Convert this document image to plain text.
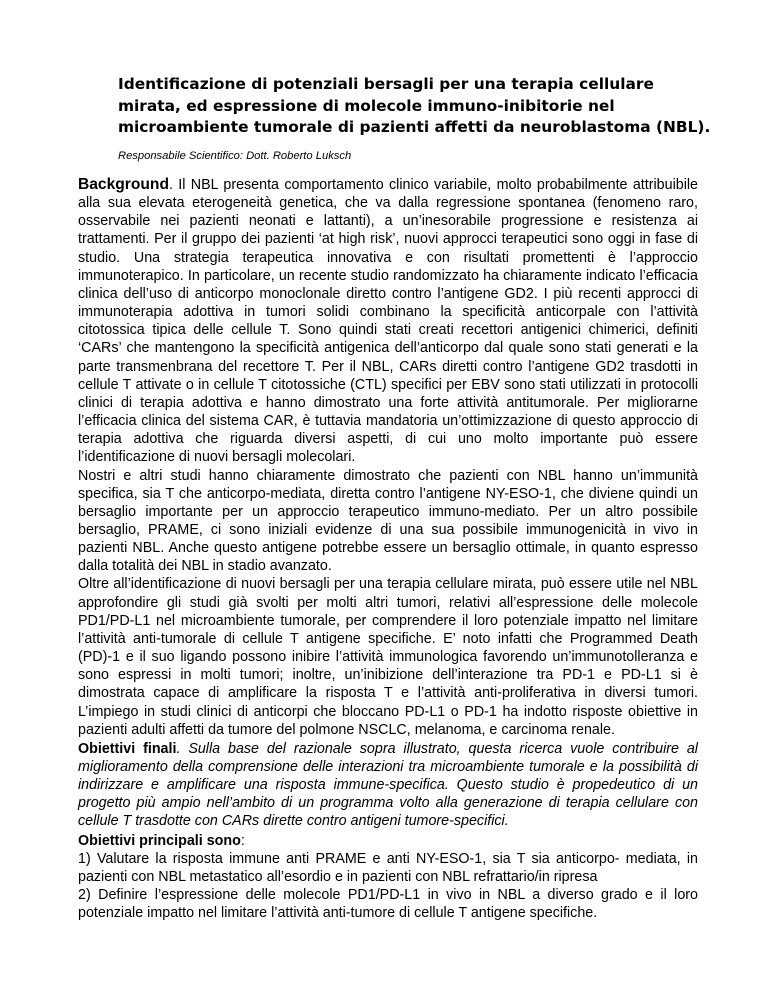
Identificazione di potenziali bersagli per una terapia cellulare mirata, ed espressione di molecole immuno-inibitorie nel microambiente tumorale di pazienti affetti da neuroblastoma (NBL).

Responsabile Scientifico: Dott. Roberto Luksch

Background. Il NBL presenta comportamento clinico variabile, molto probabilmente attribuibile alla sua elevata eterogeneità genetica, che va dalla regressione spontanea (fenomeno raro, osservabile nei pazienti neonati e lattanti), a un’inesorabile progressione e resistenza ai trattamenti. Per il gruppo dei pazienti ‘at high risk’, nuovi approcci terapeutici sono oggi in fase di studio. Una strategia terapeutica innovativa e con risultati promettenti è l’approccio immunoterapico. In particolare, un recente studio randomizzato ha chiaramente indicato l’efficacia clinica dell’uso di anticorpo monoclonale diretto contro l’antigene GD2. I più recenti approcci di immunoterapia adottiva in tumori solidi combinano la specificità anticorpale con l’attività citotossica tipica delle cellule T. Sono quindi stati creati recettori antigenici chimerici, definiti ‘CARs’ che mantengono la specificità antigenica dell’anticorpo dal quale sono stati generati e la parte transmenbrana del recettore T. Per il NBL, CARs diretti contro l’antigene GD2 trasdotti in cellule T attivate o in cellule T citotossiche (CTL) specifici per EBV sono stati utilizzati in protocolli clinici di terapia adottiva e hanno dimostrato una forte attività antitumorale. Per migliorarne l’efficacia clinica del sistema CAR, è tuttavia mandatoria un’ottimizzazione di questo approccio di terapia adottiva che riguarda diversi aspetti, di cui uno molto importante può essere l’identificazione di nuovi bersagli molecolari.

Nostri e altri studi hanno chiaramente dimostrato che pazienti con NBL hanno un’immunità specifica, sia T che anticorpo-mediata, diretta contro l’antigene NY-ESO-1, che diviene quindi un bersaglio importante per un approccio terapeutico immuno-mediato. Per un altro possibile bersaglio, PRAME, ci sono iniziali evidenze di una sua possibile immunogenicità in vivo in pazienti NBL. Anche questo antigene potrebbe essere un bersaglio ottimale, in quanto espresso dalla totalità dei NBL in stadio avanzato.

Oltre all’identificazione di nuovi bersagli per una terapia cellulare mirata, può essere utile nel NBL approfondire gli studi già svolti per molti altri tumori, relativi all’espressione delle molecole PD1/PD-L1 nel microambiente tumorale, per comprendere il loro potenziale impatto nel limitare l’attività anti-tumorale di cellule T antigene specifiche. E’ noto infatti che Programmed Death (PD)-1 e il suo ligando possono inibire l’attività immunologica favorendo un’immunotolleranza e sono espressi in molti tumori; inoltre, un’inibizione dell’interazione tra PD-1 e PD-L1 si è dimostrata capace di amplificare la risposta T e l’attività anti-proliferativa in diversi tumori. L’impiego in studi clinici di anticorpi che bloccano PD-L1 o PD-1 ha indotto risposte obiettive in pazienti adulti affetti da tumore del polmone NSCLC, melanoma, e carcinoma renale.

Obiettivi finali. Sulla base del razionale sopra illustrato, questa ricerca vuole contribuire al miglioramento della comprensione delle interazioni tra microambiente tumorale e la possibilità di indirizzare e amplificare una risposta immune-specifica. Questo studio è propedeutico di un progetto più ampio nell’ambito di un programma volto alla generazione di terapia cellulare con cellule T trasdotte con CARs dirette contro antigeni tumore-specifici.

Obiettivi principali sono:

1) Valutare la risposta immune anti PRAME e anti NY-ESO-1, sia T sia anticorpo- mediata, in pazienti con NBL metastatico all’esordio e in pazienti con NBL refrattario/in ripresa

2) Definire l’espressione delle molecole PD1/PD-L1 in vivo in NBL a diverso grado e il loro potenziale impatto nel limitare l’attività anti-tumore di cellule T antigene specifiche.
